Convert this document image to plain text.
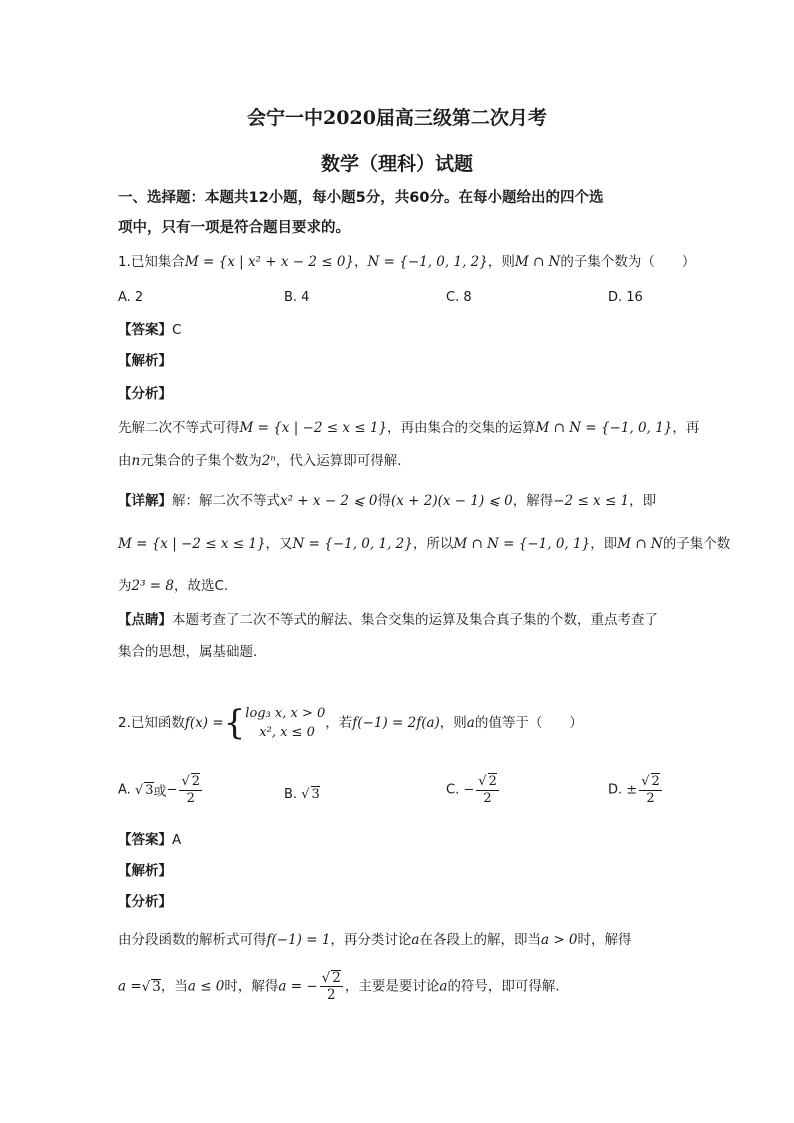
会宁一中2020届高三级第二次月考
数学（理科）试题
一、选择题：本题共12小题，每小题5分，共60分。在每小题给出的四个选
项中，只有一项是符合题目要求的。
1.已知集合M = {x | x² + x − 2 ≤ 0}，N = {−1, 0, 1, 2}，则M ∩ N的子集个数为（　　）
A. 2	B. 4	C. 8	D. 16
【答案】C
【解析】
【分析】
先解二次不等式可得M = {x | −2 ≤ x ≤ 1}，再由集合的交集的运算M ∩ N = {−1, 0, 1}，再
由n元集合的子集个数为2ⁿ，代入运算即可得解.
【详解】解：解二次不等式x² + x − 2 ⩽ 0得(x + 2)(x − 1) ⩽ 0，解得−2 ≤ x ≤ 1，即
M = {x | −2 ≤ x ≤ 1}，又N = {−1, 0, 1, 2}，所以M ∩ N = {−1, 0, 1}，即M ∩ N的子集个数
为2³ = 8，故选C.
【点睛】本题考查了二次不等式的解法、集合交集的运算及集合真子集的个数，重点考查了
集合的思想，属基础题.
2.已知函数f(x) ={ log₃ x, x > 0
x², x ≤ 0
，若f(−1) = 2f(a)，则a的值等于（　　）
A. √ 3或− $\frac{√ 2}{2}$	B. √ 3	C. − $\frac{√ 2}{2}$	D. ± $\frac{√ 2}{2}$
【答案】A
【解析】
【分析】
由分段函数的解析式可得f(−1) = 1，再分类讨论a在各段上的解，即当a > 0时，解得
a =√ 3，当a ≤ 0时，解得a = − $\frac{√ 2}{2}$ ，主要是要讨论a的符号，即可得解.
